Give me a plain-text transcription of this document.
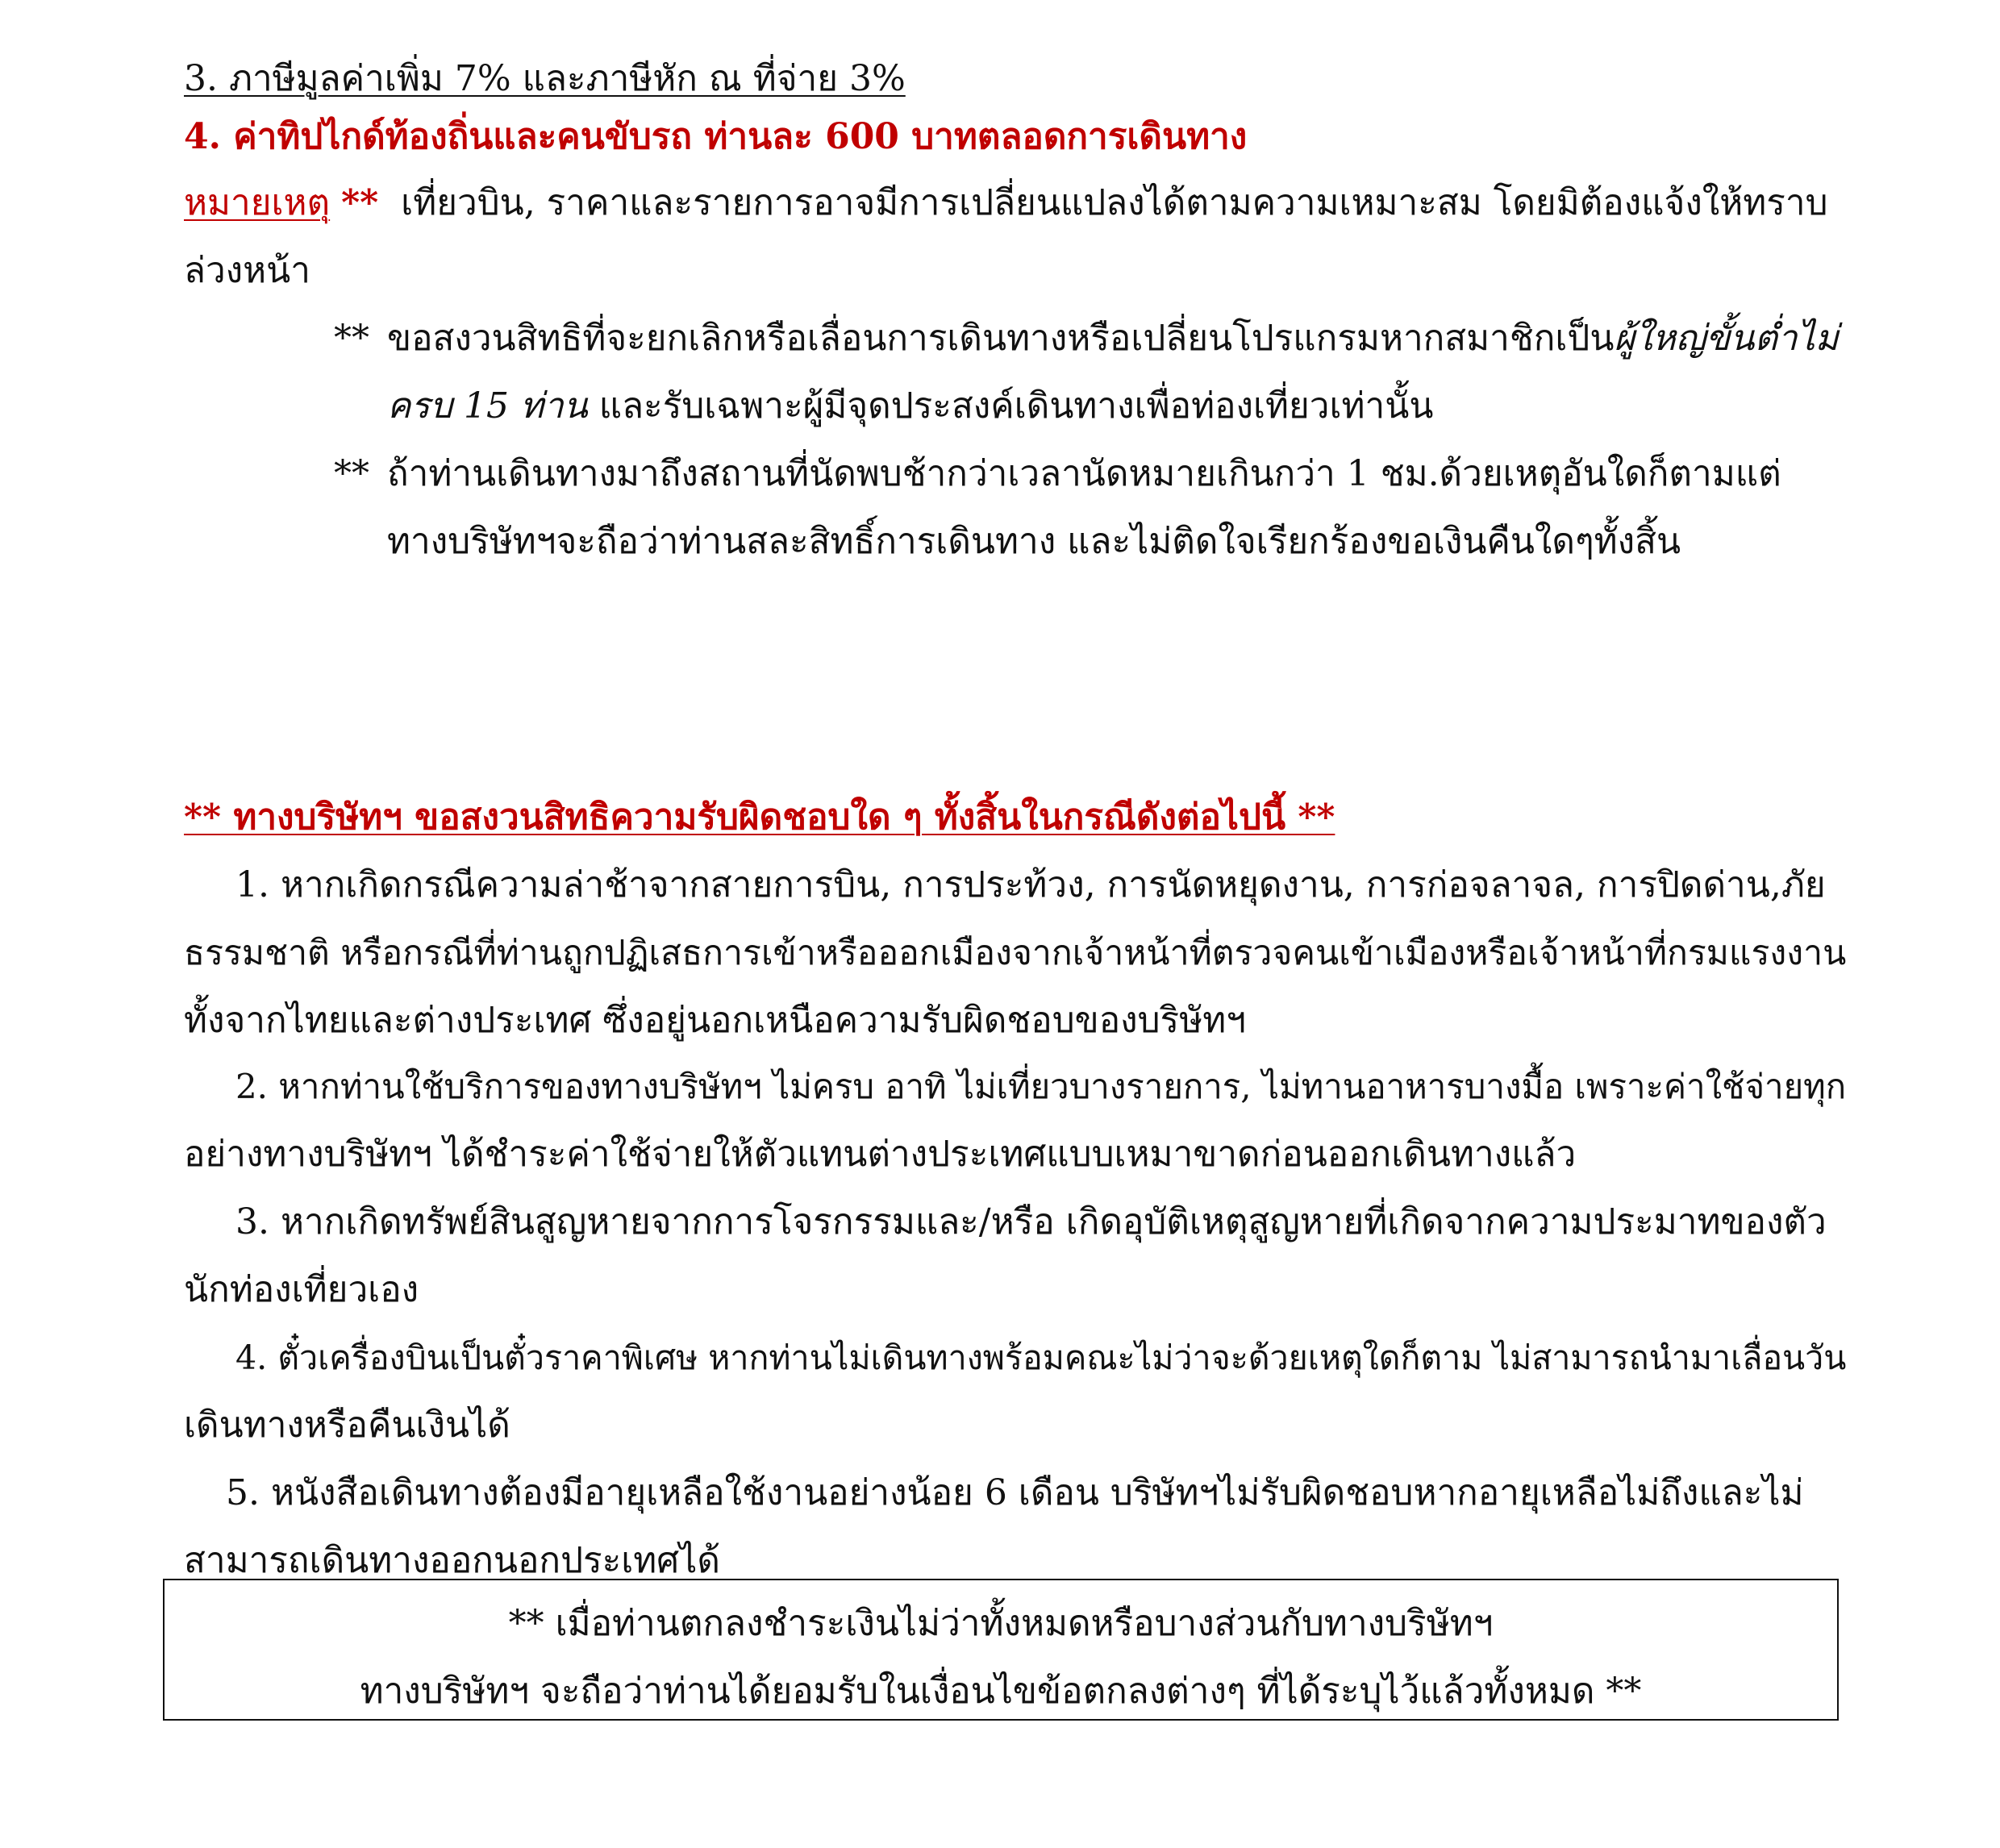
3. ภาษีมูลค่าเพิ่ม 7% และภาษีหัก ณ ที่จ่าย 3%
4. ค่าทิปไกด์ท้องถิ่นและคนขับรถ ท่านละ 600 บาทตลอดการเดินทาง
หมายเหตุ ** เที่ยวบิน, ราคาและรายการอาจมีการเปลี่ยนแปลงได้ตามความเหมาะสม โดยมิต้องแจ้งให้ทราบ
ล่วงหน้า
** ขอสงวนสิทธิที่จะยกเลิกหรือเลื่อนการเดินทางหรือเปลี่ยนโปรแกรมหากสมาชิกเป็นผู้ใหญ่ขั้นต่ำไม่
ครบ 15 ท่าน และรับเฉพาะผู้มีจุดประสงค์เดินทางเพื่อท่องเที่ยวเท่านั้น
** ถ้าท่านเดินทางมาถึงสถานที่นัดพบช้ากว่าเวลานัดหมายเกินกว่า 1 ชม.ด้วยเหตุอันใดก็ตามแต่
ทางบริษัทฯจะถือว่าท่านสละสิทธิ์การเดินทาง และไม่ติดใจเรียกร้องขอเงินคืนใดๆทั้งสิ้น
** ทางบริษัทฯ ขอสงวนสิทธิความรับผิดชอบใด ๆ ทั้งสิ้นในกรณีดังต่อไปนี้ **
1. หากเกิดกรณีความล่าช้าจากสายการบิน, การประท้วง, การนัดหยุดงาน, การก่อจลาจล, การปิดด่าน,ภัย
ธรรมชาติ หรือกรณีที่ท่านถูกปฏิเสธการเข้าหรือออกเมืองจากเจ้าหน้าที่ตรวจคนเข้าเมืองหรือเจ้าหน้าที่กรมแรงงาน
ทั้งจากไทยและต่างประเทศ ซึ่งอยู่นอกเหนือความรับผิดชอบของบริษัทฯ
2. หากท่านใช้บริการของทางบริษัทฯ ไม่ครบ อาทิ ไม่เที่ยวบางรายการ, ไม่ทานอาหารบางมื้อ เพราะค่าใช้จ่ายทุก
อย่างทางบริษัทฯ ได้ชำระค่าใช้จ่ายให้ตัวแทนต่างประเทศแบบเหมาขาดก่อนออกเดินทางแล้ว
3. หากเกิดทรัพย์สินสูญหายจากการโจรกรรมและ/หรือ เกิดอุบัติเหตุสูญหายที่เกิดจากความประมาทของตัว
นักท่องเที่ยวเอง
4. ตั๋วเครื่องบินเป็นตั๋วราคาพิเศษ หากท่านไม่เดินทางพร้อมคณะไม่ว่าจะด้วยเหตุใดก็ตาม ไม่สามารถนำมาเลื่อนวัน
เดินทางหรือคืนเงินได้
5. หนังสือเดินทางต้องมีอายุเหลือใช้งานอย่างน้อย 6 เดือน บริษัทฯไม่รับผิดชอบหากอายุเหลือไม่ถึงและไม่
สามารถเดินทางออกนอกประเทศได้
** เมื่อท่านตกลงชำระเงินไม่ว่าทั้งหมดหรือบางส่วนกับทางบริษัทฯ
ทางบริษัทฯ จะถือว่าท่านได้ยอมรับในเงื่อนไขข้อตกลงต่างๆ ที่ได้ระบุไว้แล้วทั้งหมด **
